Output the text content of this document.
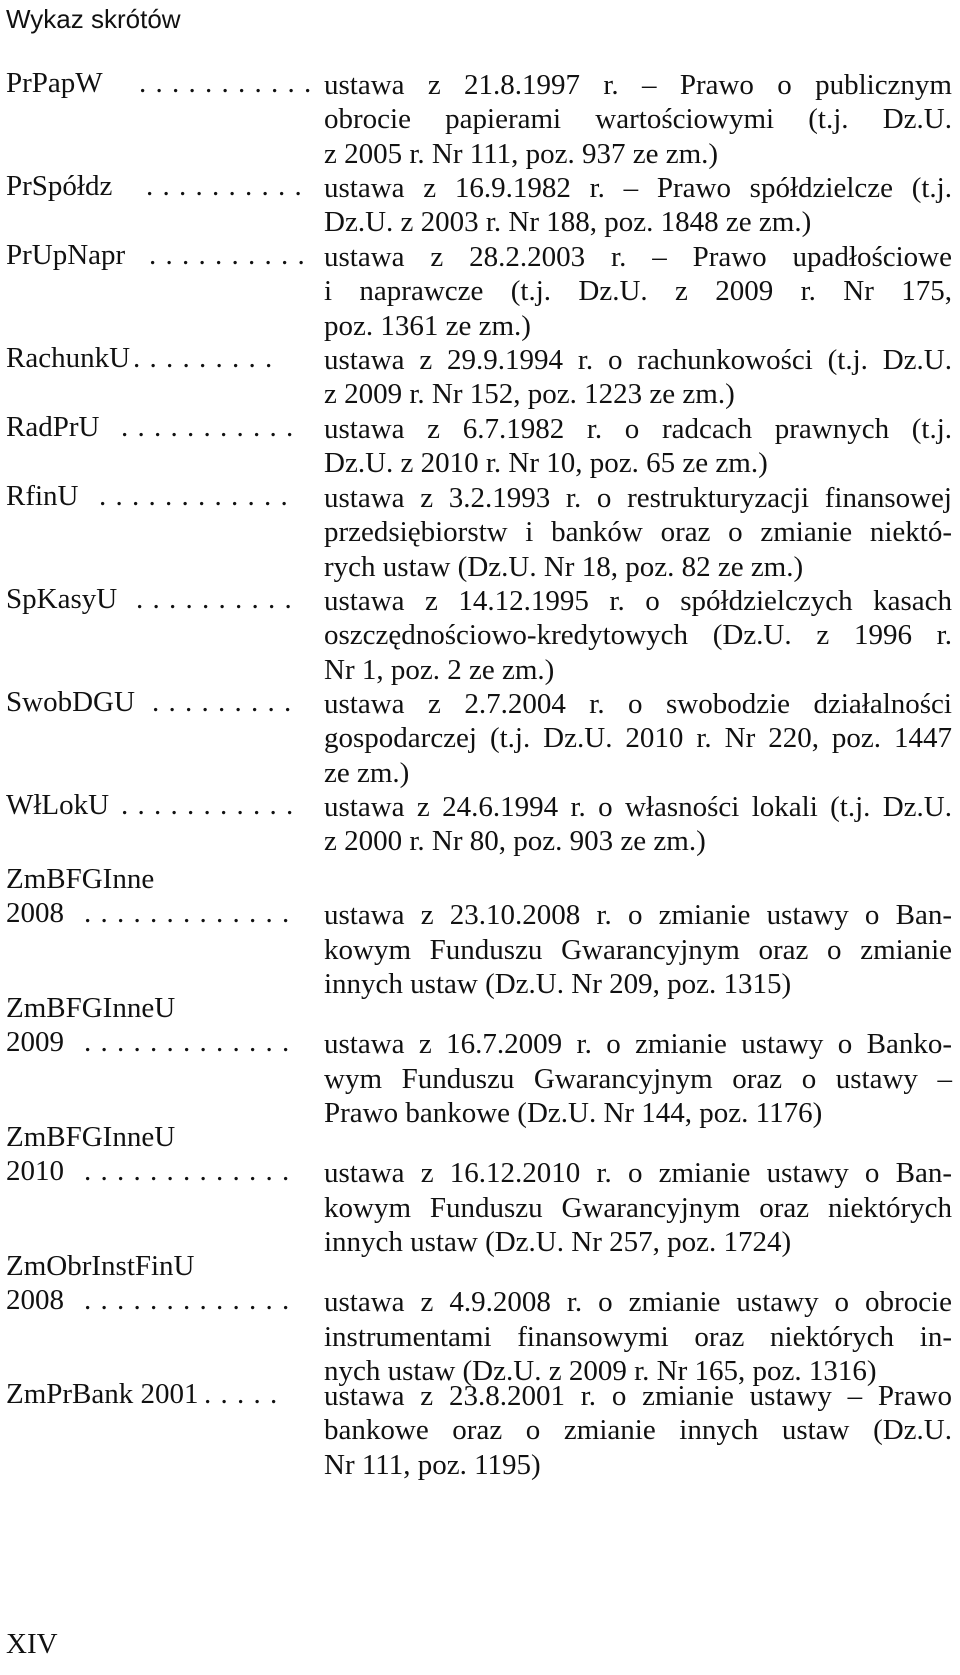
Wykaz skrótów
PrPapW . . . . . . . . . . . ustawa z 21.8.1997 r. – Prawo o publicznym
obrocie papierami wartościowymi (t.j. Dz.U.
z 2005 r. Nr 111, poz. 937 ze zm.)
PrSpółdz . . . . . . . . . . ustawa z 16.9.1982 r. – Prawo spółdzielcze (t.j.
Dz.U. z 2003 r. Nr 188, poz. 1848 ze zm.)
PrUpNapr . . . . . . . . . . ustawa z 28.2.2003 r. – Prawo upadłościowe
i naprawcze (t.j. Dz.U. z 2009 r. Nr 175,
poz. 1361 ze zm.)
RachunkU . . . . . . . . . ustawa z 29.9.1994 r. o rachunkowości (t.j. Dz.U.
z 2009 r. Nr 152, poz. 1223 ze zm.)
RadPrU . . . . . . . . . . . ustawa z 6.7.1982 r. o radcach prawnych (t.j.
Dz.U. z 2010 r. Nr 10, poz. 65 ze zm.)
RfinU . . . . . . . . . . . . ustawa z 3.2.1993 r. o restrukturyzacji finansowej
przedsiębiorstw i banków oraz o zmianie niektó-
rych ustaw (Dz.U. Nr 18, poz. 82 ze zm.)
SpKasyU . . . . . . . . . . ustawa z 14.12.1995 r. o spółdzielczych kasach
oszczędnościowo-kredytowych (Dz.U. z 1996 r.
Nr 1, poz. 2 ze zm.)
SwobDGU . . . . . . . . . ustawa z 2.7.2004 r. o swobodzie działalności
gospodarczej (t.j. Dz.U. 2010 r. Nr 220, poz. 1447
ze zm.)
WłLokU . . . . . . . . . . . ustawa z 24.6.1994 r. o własności lokali (t.j. Dz.U.
z 2000 r. Nr 80, poz. 903 ze zm.)
ZmBFGInne
2008 . . . . . . . . . . . . . ustawa z 23.10.2008 r. o zmianie ustawy o Ban-
kowym Funduszu Gwarancyjnym oraz o zmianie
innych ustaw (Dz.U. Nr 209, poz. 1315)
ZmBFGInneU
2009 . . . . . . . . . . . . . ustawa z 16.7.2009 r. o zmianie ustawy o Banko-
wym Funduszu Gwarancyjnym oraz o ustawy –
Prawo bankowe (Dz.U. Nr 144, poz. 1176)
ZmBFGInneU
2010 . . . . . . . . . . . . . ustawa z 16.12.2010 r. o zmianie ustawy o Ban-
kowym Funduszu Gwarancyjnym oraz niektórych
innych ustaw (Dz.U. Nr 257, poz. 1724)
ZmObrInstFinU
2008 . . . . . . . . . . . . . ustawa z 4.9.2008 r. o zmianie ustawy o obrocie
instrumentami finansowymi oraz niektórych in-
nych ustaw (Dz.U. z 2009 r. Nr 165, poz. 1316)
ZmPrBank 2001 . . . . . ustawa z 23.8.2001 r. o zmianie ustawy – Prawo
bankowe oraz o zmianie innych ustaw (Dz.U.
Nr 111, poz. 1195)
XIV
